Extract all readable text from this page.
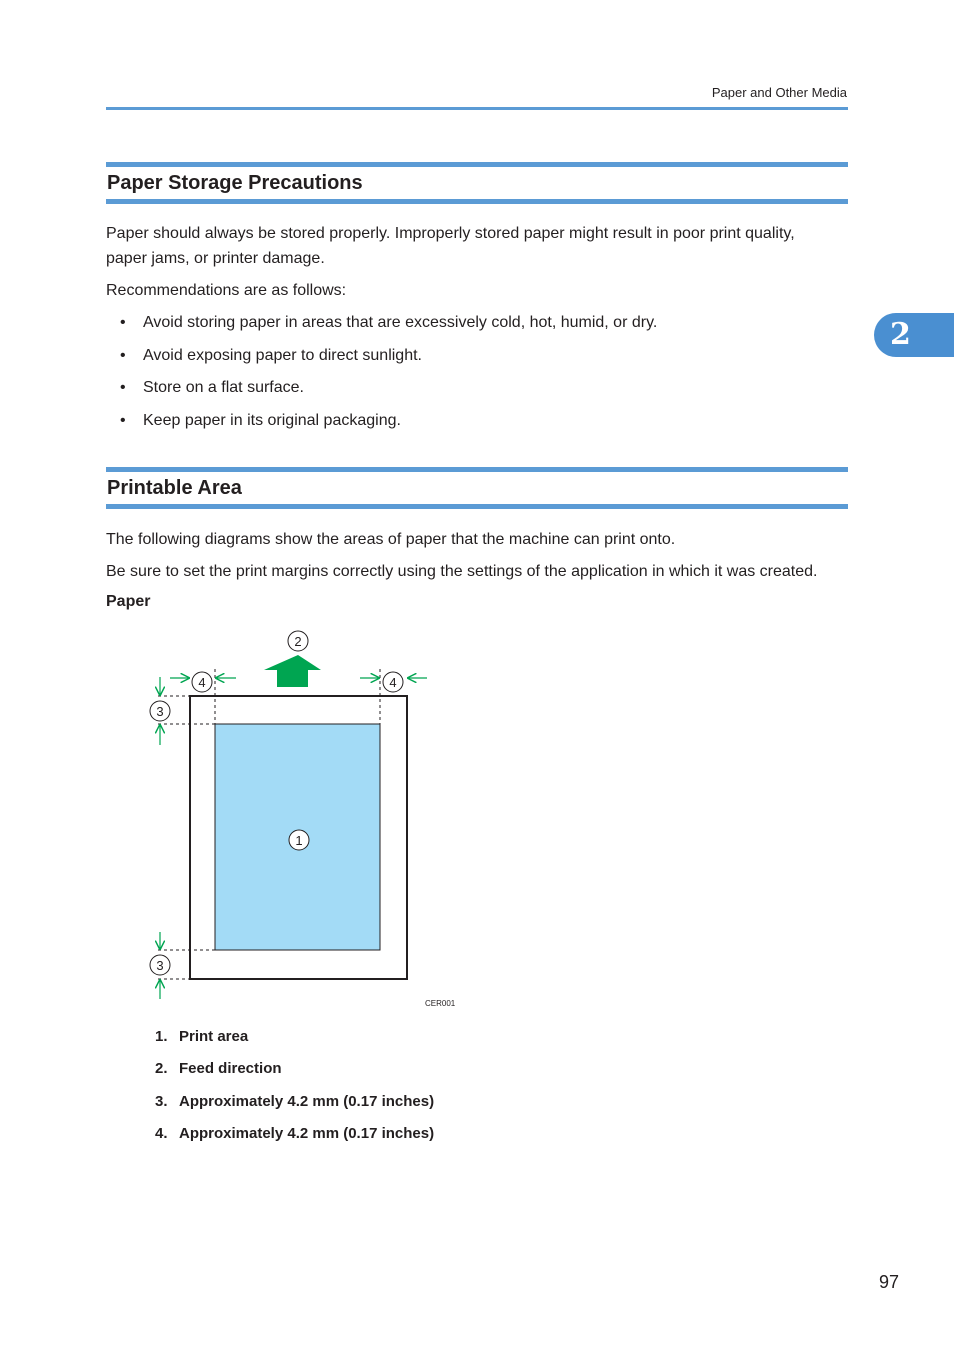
Paper and Other Media
2
Paper Storage Precautions

Paper should always be stored properly. Improperly stored paper might result in poor print quality, paper jams, or printer damage.

Recommendations are as follows:

• Avoid storing paper in areas that are excessively cold, hot, humid, or dry.
• Avoid exposing paper to direct sunlight.
• Store on a flat surface.
• Keep paper in its original packaging.
Printable Area

The following diagrams show the areas of paper that the machine can print onto.

Be sure to set the print margins correctly using the settings of the application in which it was created.

Paper
2
4	4
3
1
3
CER001
1. Print area
2. Feed direction
3. Approximately 4.2 mm (0.17 inches)
4. Approximately 4.2 mm (0.17 inches)
97
